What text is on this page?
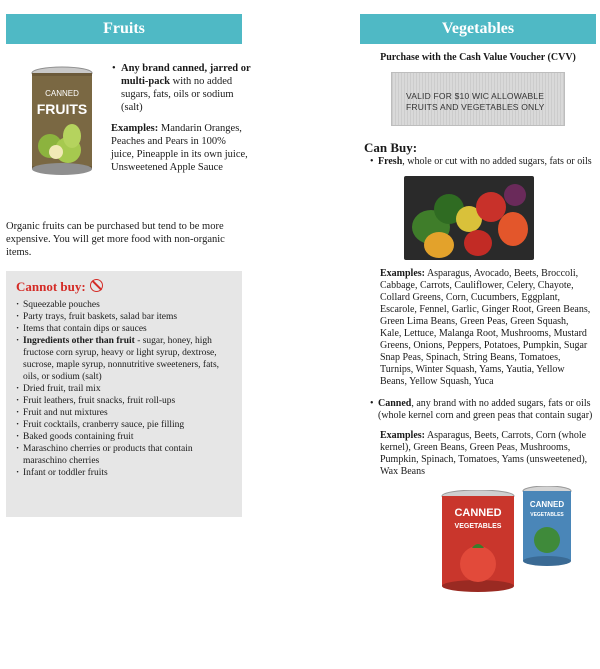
Fruits
CANNED
FRUITS
• Any brand canned, jarred or multi-pack with no added sugars, fats, oils or sodium (salt)
Examples: Mandarin Oranges, Peaches and Pears in 100% juice, Pineapple in its own juice, Unsweetened Apple Sauce
Organic fruits can be purchased but tend to be more expensive. You will get more food with non-organic items.
Cannot buy:
· Squeezable pouches
· Party trays, fruit baskets, salad bar items
· Items that contain dips or sauces
· Ingredients other than fruit - sugar, honey, high fructose corn syrup, heavy or light syrup, dextrose, sucrose, maple syrup, nonnutritive sweeteners, fats, oils, or sodium (salt)
· Dried fruit, trail mix
· Fruit leathers, fruit snacks, fruit roll-ups
· Fruit and nut mixtures
· Fruit cocktails, cranberry sauce, pie filling
· Baked goods containing fruit
· Maraschino cherries or products that contain maraschino cherries
· Infant or toddler fruits
Vegetables
Purchase with the Cash Value Voucher (CVV)
VALID FOR $10 WIC ALLOWABLE FRUITS AND VEGETABLES ONLY
Can Buy:
• Fresh, whole or cut with no added sugars, fats or oils
Examples: Asparagus, Avocado, Beets, Broccoli, Cabbage, Carrots, Cauliflower, Celery, Chayote, Collard Greens, Corn, Cucumbers, Eggplant, Escarole, Fennel, Garlic, Ginger Root, Green Beans, Green Lima Beans, Green Peas, Green Squash, Kale, Lettuce, Malanga Root, Mushrooms, Mustard Greens, Onions, Peppers, Potatoes, Pumpkin, Sugar Snap Peas, Spinach, String Beans, Tomatoes, Turnips, Winter Squash, Yams, Yautia, Yellow Beans, Yellow Squash, Yuca
• Canned, any brand with no added sugars, fats or oils (whole kernel corn and green peas that contain sugar)
Examples: Asparagus, Beets, Carrots, Corn (whole kernel), Green Beans, Green Peas, Mushrooms, Pumpkin, Spinach, Tomatoes, Yams (unsweetened),
Wax Beans
CANNED
VEGETABLES
CANNED
VEGETABLES
